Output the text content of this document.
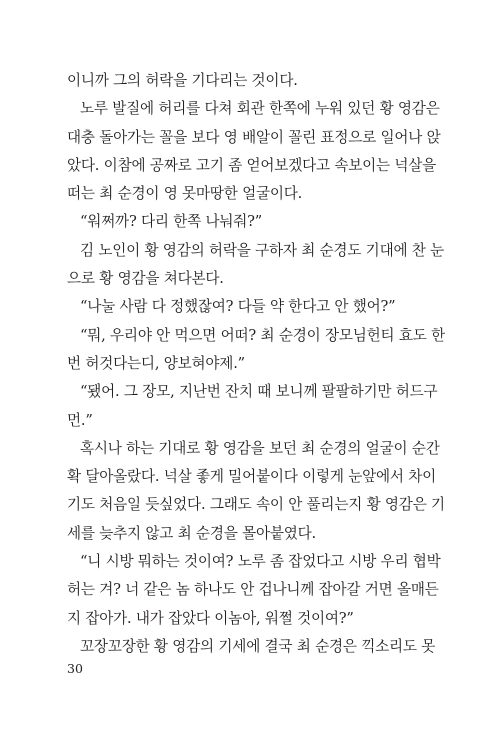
이니까 그의 허락을 기다리는 것이다.
노루 발질에 허리를 다쳐 회관 한쪽에 누워 있던 황 영감은
대충 돌아가는 꼴을 보다 영 배알이 꼴린 표정으로 일어나 앉
았다. 이참에 공짜로 고기 좀 얻어보겠다고 속보이는 넉살을
떠는 최 순경이 영 못마땅한 얼굴이다.
“워쩌까? 다리 한쪽 나눠줘?”
김 노인이 황 영감의 허락을 구하자 최 순경도 기대에 찬 눈
으로 황 영감을 쳐다본다.
“나눌 사람 다 정했잖여? 다들 약 한다고 안 했어?”
“뭐, 우리야 안 먹으면 어떠? 최 순경이 장모님헌티 효도 한
번 허것다는디, 양보혀야제.”
“됐어. 그 장모, 지난번 잔치 때 보니께 팔팔하기만 허드구
먼.”
혹시나 하는 기대로 황 영감을 보던 최 순경의 얼굴이 순간
확 달아올랐다. 넉살 좋게 밀어붙이다 이렇게 눈앞에서 차이
기도 처음일 듯싶었다. 그래도 속이 안 풀리는지 황 영감은 기
세를 늦추지 않고 최 순경을 몰아붙였다.
“니 시방 뭐하는 것이여? 노루 좀 잡었다고 시방 우리 협박
허는 겨? 너 같은 놈 하나도 안 겁나니께 잡아갈 거면 올매든
지 잡아가. 내가 잡았다 이놈아, 워쩔 것이여?”
꼬장꼬장한 황 영감의 기세에 결국 최 순경은 끽소리도 못
30
